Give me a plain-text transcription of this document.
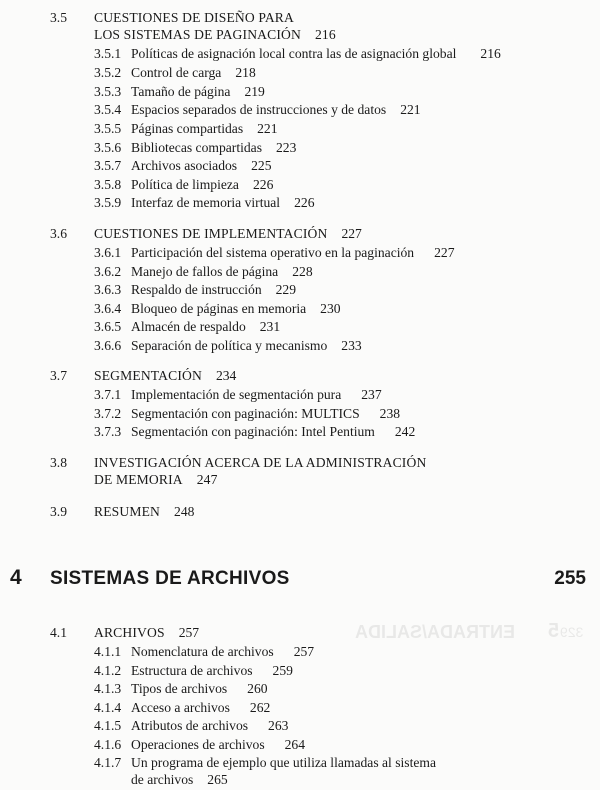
ENTRADA/SALIDA 5 329
3.5 CUESTIONES DE DISEÑO PARA
LOS SISTEMAS DE PAGINACIÓN 216
3.5.1 Políticas de asignación local contra las de asignación global 216
3.5.2 Control de carga 218
3.5.3 Tamaño de página 219
3.5.4 Espacios separados de instrucciones y de datos 221
3.5.5 Páginas compartidas 221
3.5.6 Bibliotecas compartidas 223
3.5.7 Archivos asociados 225
3.5.8 Política de limpieza 226
3.5.9 Interfaz de memoria virtual 226
3.6 CUESTIONES DE IMPLEMENTACIÓN 227
3.6.1 Participación del sistema operativo en la paginación 227
3.6.2 Manejo de fallos de página 228
3.6.3 Respaldo de instrucción 229
3.6.4 Bloqueo de páginas en memoria 230
3.6.5 Almacén de respaldo 231
3.6.6 Separación de política y mecanismo 233
3.7 SEGMENTACIÓN 234
3.7.1 Implementación de segmentación pura 237
3.7.2 Segmentación con paginación: MULTICS 238
3.7.3 Segmentación con paginación: Intel Pentium 242
3.8 INVESTIGACIÓN ACERCA DE LA ADMINISTRACIÓN
DE MEMORIA 247
3.9 RESUMEN 248
4 SISTEMAS DE ARCHIVOS	255
4.1 ARCHIVOS 257
4.1.1 Nomenclatura de archivos 257
4.1.2 Estructura de archivos 259
4.1.3 Tipos de archivos 260
4.1.4 Acceso a archivos 262
4.1.5 Atributos de archivos 263
4.1.6 Operaciones de archivos 264
4.1.7 Un programa de ejemplo que utiliza llamadas al sistema
de archivos 265
